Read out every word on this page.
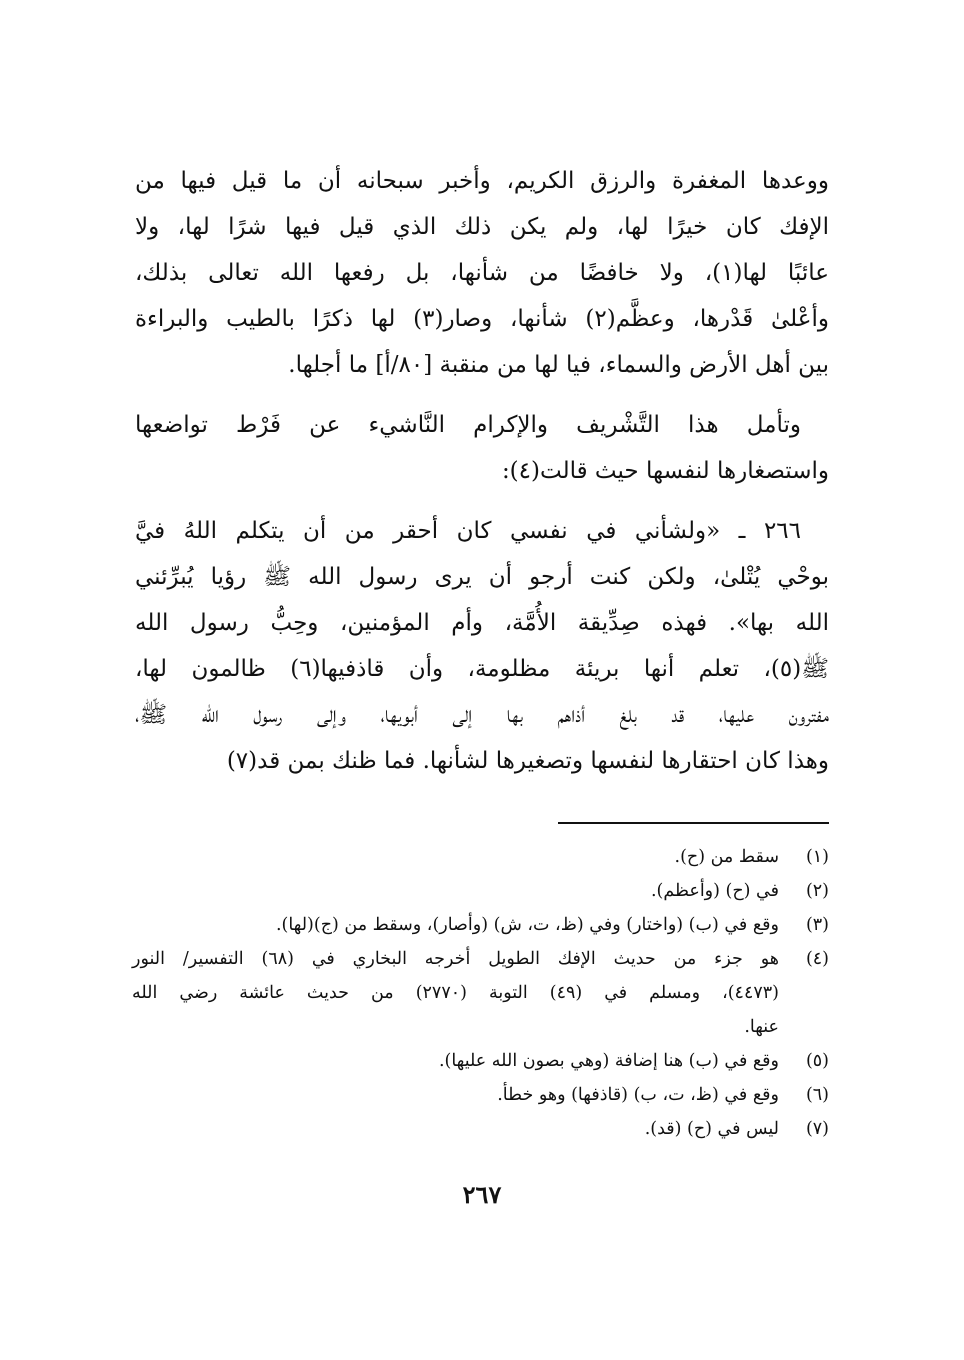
ووعدها المغفرة والرزق الكريم، وأخبر سبحانه أن ما قيل فيها من
الإفك كان خيرًا لها، ولم يكن ذلك الذي قيل فيها شرًا لها، ولا
عائبًا لها(١)، ولا خافضًا من شأنها، بل رفعها الله تعالى بذلك،
وأعْلىٰ قَدْرها، وعظَّم(٢) شأنها، وصار(٣) لها ذكرًا بالطيب والبراءة
بين أهل الأرض والسماء، فيا لها من منقبة [٨٠/أ] ما أجلها.

وتأمل هذا التَّشْريف والإكرام النَّاشيء عن فَرْط تواضعها
واستصغارها لنفسها حيث قالت(٤):

٢٦٦ ـ «ولشأني في نفسي كان أحقر من أن يتكلم اللهُ فيَّ
بوحْي يُتْلىٰ، ولكن كنت أرجو أن يرى رسول الله ﷺ رؤيا يُبرِّئني
الله بها». فهذه صِدِّيقة الأُمَّة، وأم المؤمنين، وحِبُّ رسول الله
ﷺ(٥)، تعلم أنها بريئة مظلومة، وأن قاذفيها(٦) ظالمون لها،
مفترون عليها، قد بلغ أذاهم بها إلى أبويها، وإلى رسول الله ﷺ،
وهذا كان احتقارها لنفسها وتصغيرها لشأنها. فما ظنك بمن قد(٧)

(١)
سقط من (ح).
(٢)
في (ح) (وأعظم).
(٣)
وقع في (ب) (واختار) وفي (ظ، ت، ش) (وأصار)، وسقط من (ج)(لها).
(٤)
هو جزء من حديث الإفك الطويل أخرجه البخاري في (٦٨) التفسير/ النور
(٤٤٧٣)، ومسلم في (٤٩) التوبة (٢٧٧٠) من حديث عائشة رضي الله
عنها.
(٥)
وقع في (ب) هنا إضافة (وهي بصون الله عليها).
(٦)
وقع في (ظ، ت، ب) (قاذفها) وهو خطأ.
(٧)
ليس في (ح) (قد).
٢٦٧
